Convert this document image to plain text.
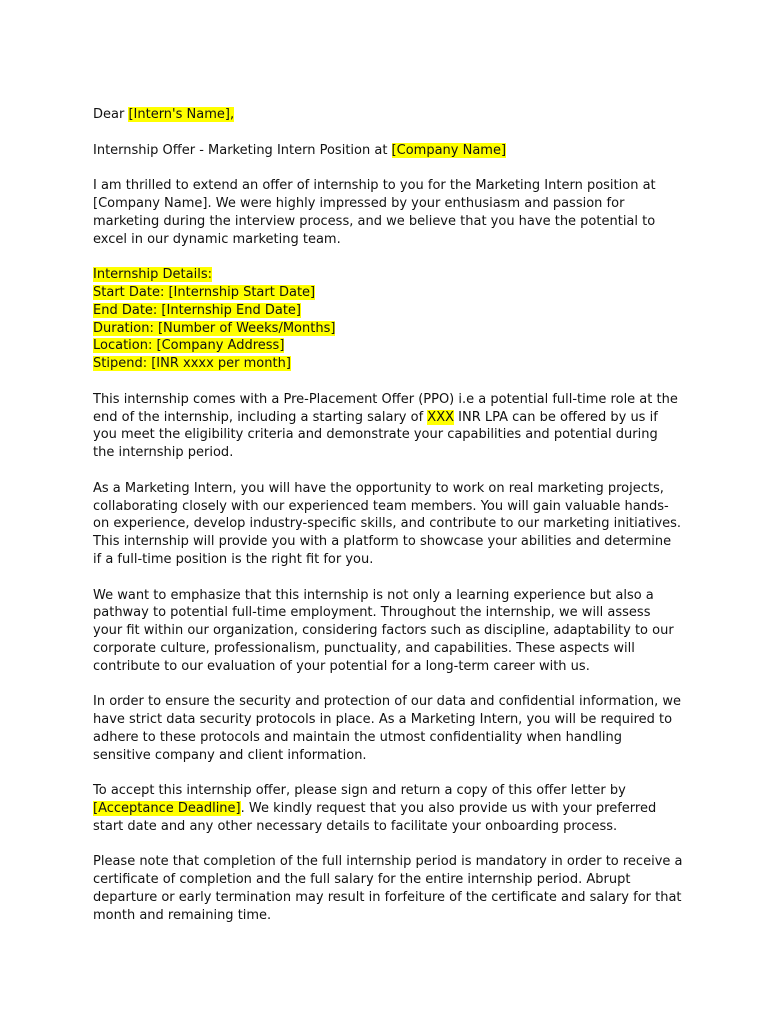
Dear [Intern's Name],

Internship Offer - Marketing Intern Position at [Company Name]

I am thrilled to extend an offer of internship to you for the Marketing Intern position at [Company Name]. We were highly impressed by your enthusiasm and passion for marketing during the interview process, and we believe that you have the potential to excel in our dynamic marketing team.

Internship Details:
Start Date: [Internship Start Date]
End Date: [Internship End Date]
Duration: [Number of Weeks/Months]
Location: [Company Address]
Stipend: [INR xxxx per month]

This internship comes with a Pre-Placement Offer (PPO) i.e a potential full-time role at the end of the internship, including a starting salary of XXX INR LPA can be offered by us if you meet the eligibility criteria and demonstrate your capabilities and potential during the internship period.

As a Marketing Intern, you will have the opportunity to work on real marketing projects, collaborating closely with our experienced team members. You will gain valuable hands-on experience, develop industry-specific skills, and contribute to our marketing initiatives. This internship will provide you with a platform to showcase your abilities and determine if a full-time position is the right fit for you.

We want to emphasize that this internship is not only a learning experience but also a pathway to potential full-time employment. Throughout the internship, we will assess your fit within our organization, considering factors such as discipline, adaptability to our corporate culture, professionalism, punctuality, and capabilities. These aspects will contribute to our evaluation of your potential for a long-term career with us.

In order to ensure the security and protection of our data and confidential information, we have strict data security protocols in place. As a Marketing Intern, you will be required to adhere to these protocols and maintain the utmost confidentiality when handling sensitive company and client information.

To accept this internship offer, please sign and return a copy of this offer letter by [Acceptance Deadline]. We kindly request that you also provide us with your preferred start date and any other necessary details to facilitate your onboarding process.

Please note that completion of the full internship period is mandatory in order to receive a certificate of completion and the full salary for the entire internship period. Abrupt departure or early termination may result in forfeiture of the certificate and salary for that month and remaining time.
